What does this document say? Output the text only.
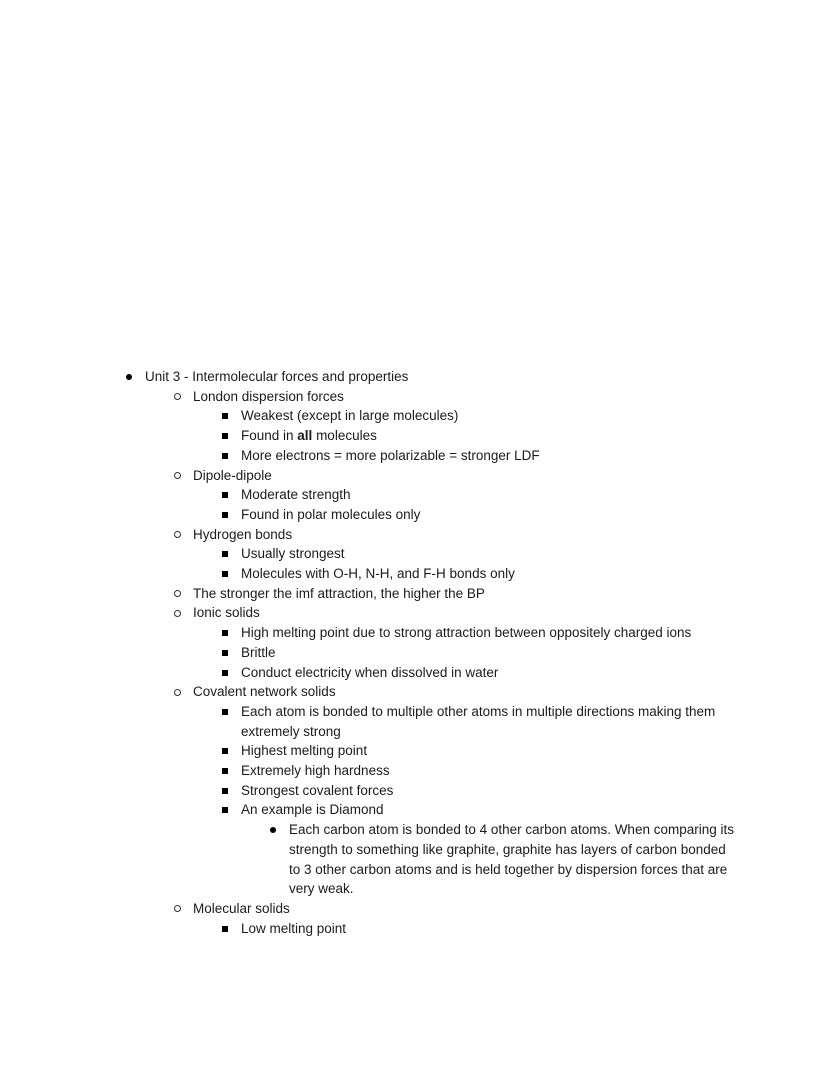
Unit 3 - Intermolecular forces and properties
London dispersion forces
Weakest (except in large molecules)
Found in all molecules
More electrons = more polarizable = stronger LDF
Dipole-dipole
Moderate strength
Found in polar molecules only
Hydrogen bonds
Usually strongest
Molecules with O-H, N-H, and F-H bonds only
The stronger the imf attraction, the higher the BP
Ionic solids
High melting point due to strong attraction between oppositely charged ions
Brittle
Conduct electricity when dissolved in water
Covalent network solids
Each atom is bonded to multiple other atoms in multiple directions making them extremely strong
Highest melting point
Extremely high hardness
Strongest covalent forces
An example is Diamond
Each carbon atom is bonded to 4 other carbon atoms. When comparing its strength to something like graphite, graphite has layers of carbon bonded to 3 other carbon atoms and is held together by dispersion forces that are very weak.
Molecular solids
Low melting point
